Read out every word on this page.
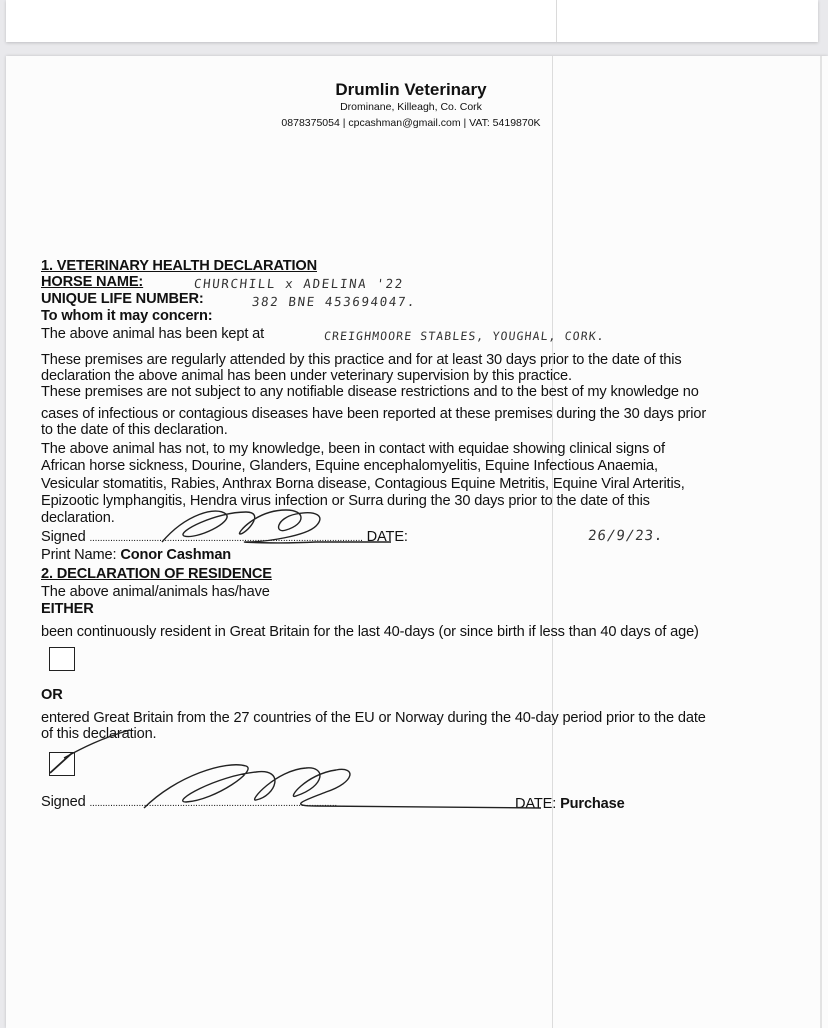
Drumlin Veterinary
Drominane, Killeagh, Co. Cork
0878375054 | cpcashman@gmail.com | VAT: 5419870K
1. VETERINARY HEALTH DECLARATION
HORSE NAME:	CHURCHILL x ADELINA '22
UNIQUE LIFE NUMBER:	382 BNE 453694047.
To whom it may concern:
The above animal has been kept at	CREIGHMOORE STABLES, YOUGHAL, CORK.
These premises are regularly attended by this practice and for at least 30 days prior to the date of this
declaration the above animal has been under veterinary supervision by this practice.
These premises are not subject to any notifiable disease restrictions and to the best of my knowledge no
cases of infectious or contagious diseases have been reported at these premises during the 30 days prior
to the date of this declaration.
The above animal has not, to my knowledge, been in contact with equidae showing clinical signs of
African horse sickness, Dourine, Glanders, Equine encephalomyelitis, Equine Infectious Anaemia,
Vesicular stomatitis, Rabies, Anthrax Borna disease, Contagious Equine Metritis, Equine Viral Arteritis,
Epizootic lymphangitis, Hendra virus infection or Surra during the 30 days prior to the date of this
declaration.
Signed .......................................................................................................... DATE:	26/9/23.
Print Name: Conor Cashman
2. DECLARATION OF RESIDENCE
The above animal/animals has/have
EITHER
been continuously resident in Great Britain for the last 40-days (or since birth if less than 40 days of age)
OR
entered Great Britain from the 27 countries of the EU or Norway during the 40-day period prior to the date
of this declaration.
Signed ................................................................................................	DATE: Purchase
